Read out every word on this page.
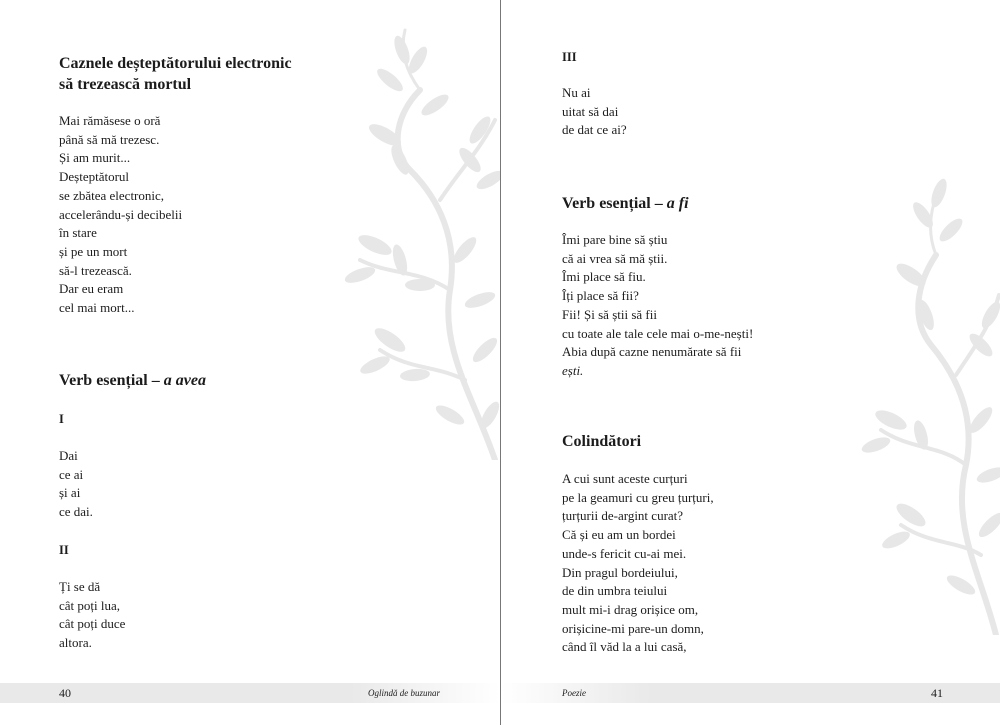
Caznele deșteptătorului electronic
să trezească mortul
Mai rămăsese o oră
până să mă trezesc.
Și am murit...
Deșteptătorul
se zbătea electronic,
accelerându-și decibelii
în stare
și pe un mort
să-l trezească.
Dar eu eram
cel mai mort...
Verb esențial – a avea
I
Dai
ce ai
și ai
ce dai.
II
Ți se dă
cât poți lua,
cât poți duce
altora.
40	Oglindă de buzunar
III
Nu ai
uitat să dai
de dat ce ai?
Verb esențial – a fi
Îmi pare bine să știu
că ai vrea să mă știi.
Îmi place să fiu.
Îți place să fii?
Fii! Și să știi să fii
cu toate ale tale cele mai o-me-nești!
Abia după cazne nenumărate să fii
ești.
Colindători
A cui sunt aceste curțuri
pe la geamuri cu greu țurțuri,
țurțurii de-argint curat?
Că și eu am un bordei
unde-s fericit cu-ai mei.
Din pragul bordeiului,
de din umbra teiului
mult mi-i drag orișice om,
orișicine-mi pare-un domn,
când îl văd la a lui casă,
Poezie	41
